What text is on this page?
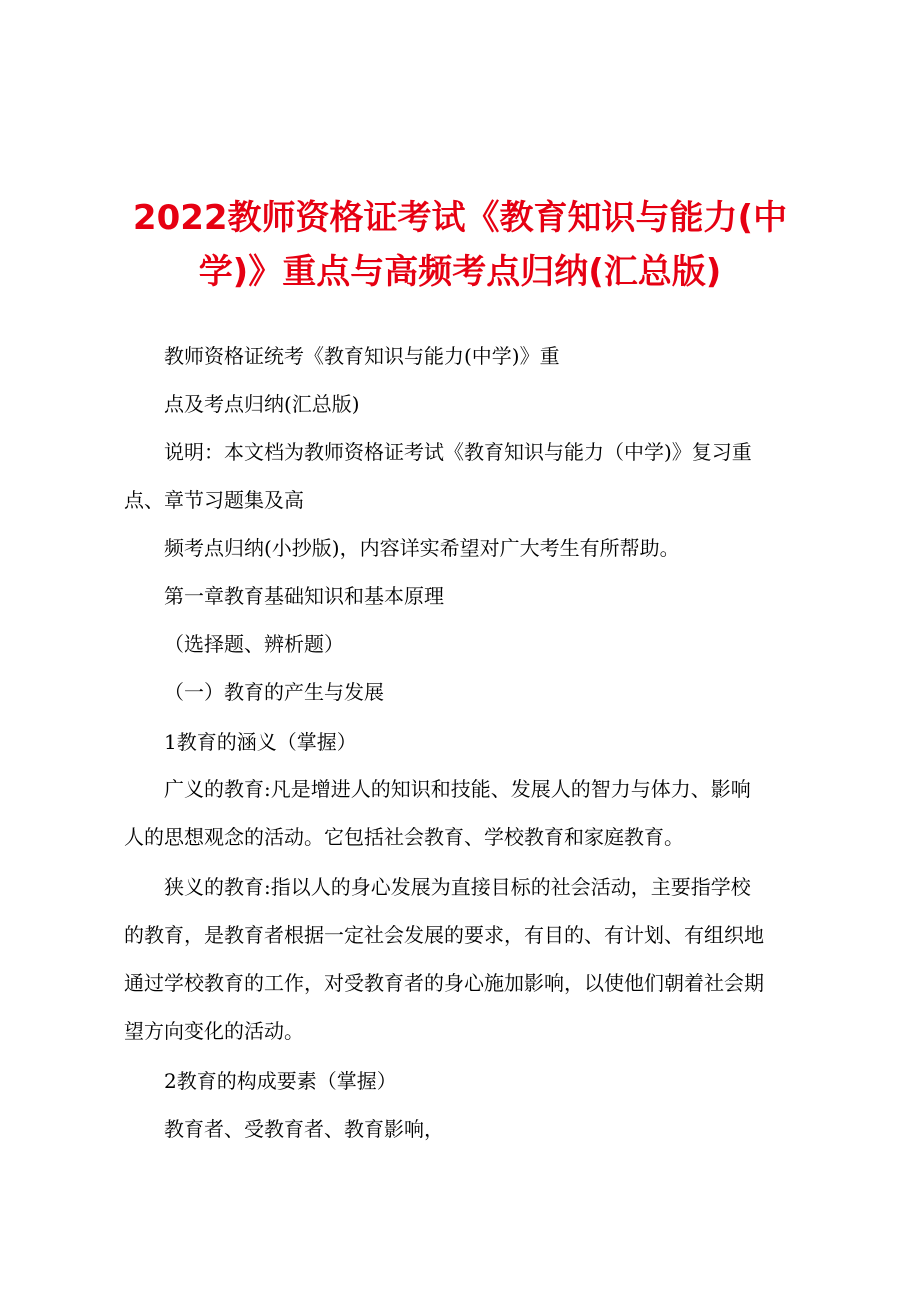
2022教师资格证考试《教育知识与能力(中
学)》重点与高频考点归纳(汇总版)
教师资格证统考《教育知识与能力(中学)》重
点及考点归纳(汇总版)
说明：本文档为教师资格证考试《教育知识与能力（中学)》复习重
点、章节习题集及高
频考点归纳(小抄版)，内容详实希望对广大考生有所帮助。
第一章教育基础知识和基本原理
（选择题、辨析题）
（一）教育的产生与发展
1教育的涵义（掌握）
广义的教育:凡是增进人的知识和技能、发展人的智力与体力、影响
人的思想观念的活动。它包括社会教育、学校教育和家庭教育。
狭义的教育:指以人的身心发展为直接目标的社会活动，主要指学校
的教育，是教育者根据一定社会发展的要求，有目的、有计划、有组织地
通过学校教育的工作，对受教育者的身心施加影响，以使他们朝着社会期
望方向变化的活动。
2教育的构成要素（掌握）
教育者、受教育者、教育影响，
